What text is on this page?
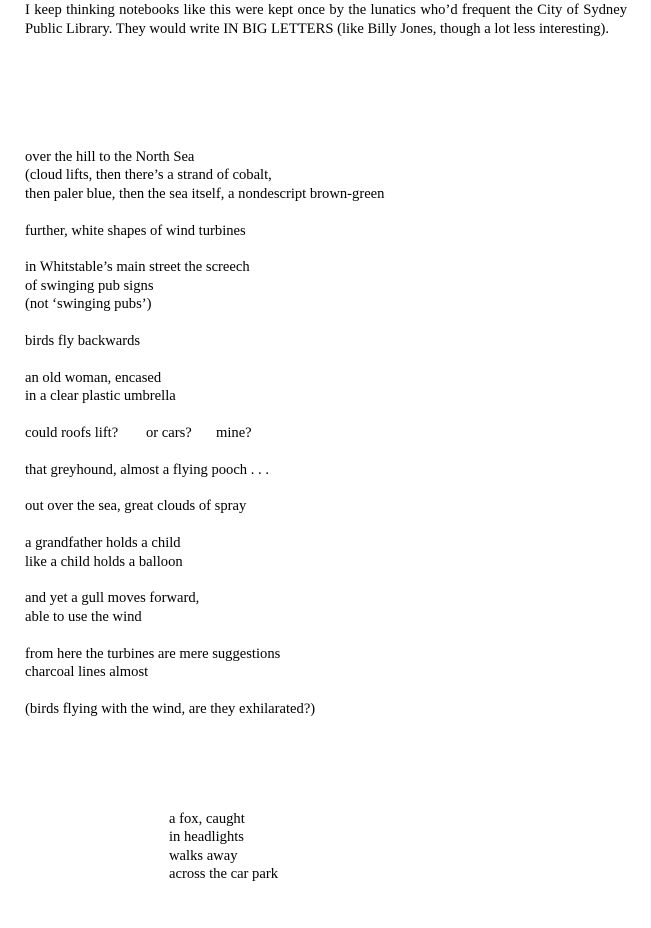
I keep thinking notebooks like this were kept once by the lunatics who’d frequent the City of Sydney Public Library. They would write IN BIG LETTERS (like Billy Jones, though a lot less interesting).

over the hill to the North Sea
(cloud lifts, then there’s a strand of cobalt,
then paler blue, then the sea itself, a nondescript brown-green
further, white shapes of wind turbines
in Whitstable’s main street the screech
of swinging pub signs
(not ‘swinging pubs’)
birds fly backwards
an old woman, encased
in a clear plastic umbrella
could roofs lift? or cars? mine?
that greyhound, almost a flying pooch . . .
out over the sea, great clouds of spray
a grandfather holds a child
like a child holds a balloon
and yet a gull moves forward,
able to use the wind
from here the turbines are mere suggestions
charcoal lines almost
(birds flying with the wind, are they exhilarated?)
a fox, caught
in headlights
walks away
across the car park
